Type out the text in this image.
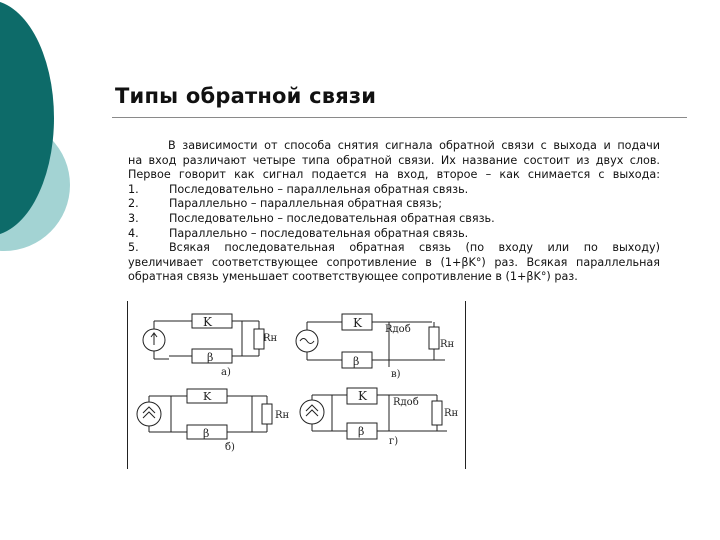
Типы обратной связи

В зависимости от способа снятия сигнала обратной связи с выхода и подачи

на вход различают четыре типа обратной связи. Их название состоит из двух слов.

Первое говорит как сигнал подается на вход, второе – как снимается с выхода:

1.	Последовательно – параллельная обратная связь.
2.	Параллельно – параллельная обратная связь;
3.	Последовательно – последовательная обратная связь.
4.	Параллельно – последовательная обратная связь.
5.	Всякая последовательная обратная связь (по входу или по выходу)

увеличивает соответствующее сопротивление в (1+βK°) раз. Всякая параллельная

обратная связь уменьшает соответствующее сопротивление в (1+βK°) раз.

K
β
Rн
а)
K
β
Rдоб
Rн
в)
K
β
Rн
б)
K
β
Rдоб
Rн
г)
